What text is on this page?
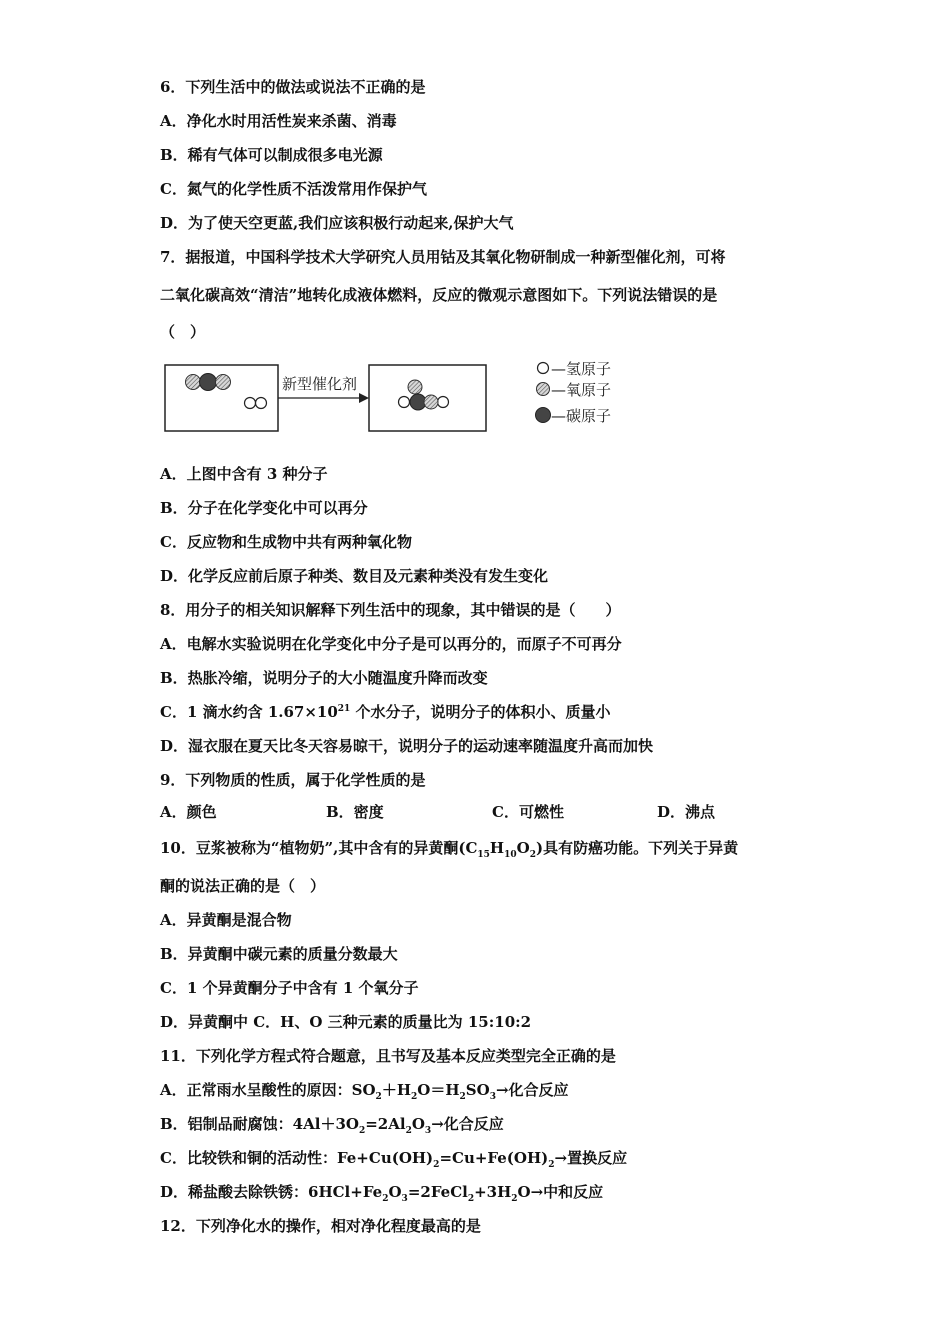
6．下列生活中的做法或说法不正确的是
A．净化水时用活性炭来杀菌、消毒
B．稀有气体可以制成很多电光源
C．氮气的化学性质不活泼常用作保护气
D．为了使天空更蓝,我们应该积极行动起来,保护大气
7．据报道，中国科学技术大学研究人员用钴及其氧化物研制成一种新型催化剂，可将
二氧化碳高效“清洁”地转化成液体燃料，反应的微观示意图如下。下列说法错误的是
（　）
新型催化剂
—氢原子
—氧原子
—碳原子
A．上图中含有 3 种分子
B．分子在化学变化中可以再分
C．反应物和生成物中共有两种氧化物
D．化学反应前后原子种类、数目及元素种类没有发生变化
8．用分子的相关知识解释下列生活中的现象，其中错误的是（　　）
A．电解水实验说明在化学变化中分子是可以再分的，而原子不可再分
B．热胀冷缩，说明分子的大小随温度升降而改变
C．1 滴水约含 $1.67\times 10^{21}$ 个水分子，说明分子的体积小、质量小
D．湿衣服在夏天比冬天容易晾干，说明分子的运动速率随温度升高而加快
9．下列物质的性质，属于化学性质的是
A．颜色	B．密度	C．可燃性	D．沸点
10．豆浆被称为“植物奶”,其中含有的异黄酮$(C_{15}H_{10}O_2)$具有防癌功能。下列关于异黄
酮的说法正确的是（　）
A．异黄酮是混合物
B．异黄酮中碳元素的质量分数最大
C．1 个异黄酮分子中含有 1 个氧分子
D．异黄酮中 C．H、O 三种元素的质量比为 15:10:2
11．下列化学方程式符合题意，且书写及基本反应类型完全正确的是
A．正常雨水呈酸性的原因：$SO_2+H_2O=H_2SO_3\to$化合反应
B．铝制品耐腐蚀：$4Al+3O_2=2Al_2O_3\to$化合反应
C．比较铁和铜的活动性：$Fe+Cu(OH)_2=Cu+Fe(OH)_2\to$置换反应
D．稀盐酸去除铁锈：$6HCl+Fe_2O_3=2FeCl_2+3H_2O\to$中和反应
12．下列净化水的操作，相对净化程度最高的是
